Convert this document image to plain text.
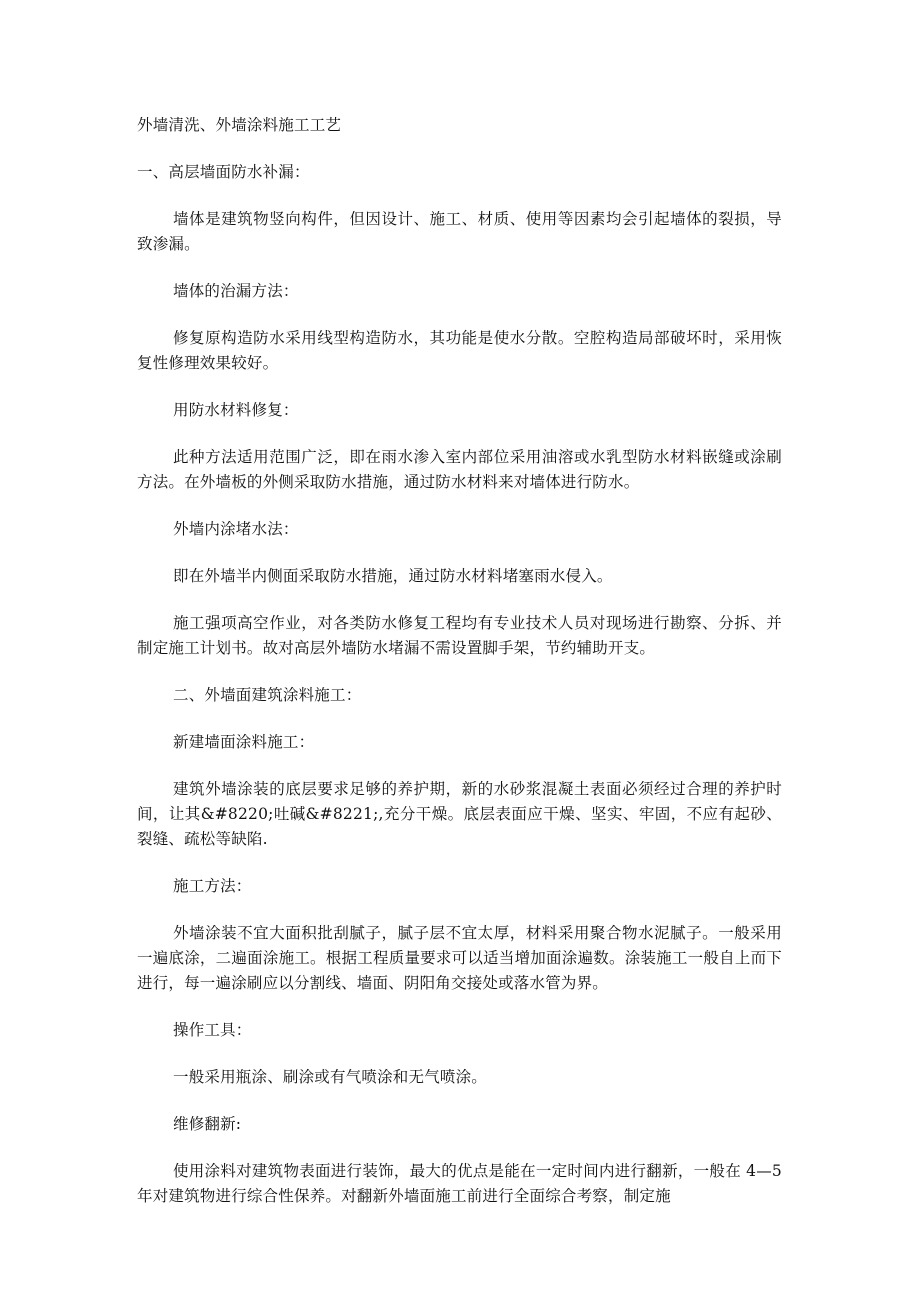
外墙清洗、外墙涂料施工工艺

一、高层墙面防水补漏：

墙体是建筑物竖向构件，但因设计、施工、材质、使用等因素均会引起墙体的裂损，导致渗漏。

墙体的治漏方法：

修复原构造防水采用线型构造防水，其功能是使水分散。空腔构造局部破坏时，采用恢复性修理效果较好。

用防水材料修复：

此种方法适用范围广泛，即在雨水渗入室内部位采用油溶或水乳型防水材料嵌缝或涂刷方法。在外墙板的外侧采取防水措施，通过防水材料来对墙体进行防水。

外墙内涂堵水法：

即在外墙半内侧面采取防水措施，通过防水材料堵塞雨水侵入。

施工强项高空作业，对各类防水修复工程均有专业技术人员对现场进行勘察、分拆、并制定施工计划书。故对高层外墙防水堵漏不需设置脚手架，节约辅助开支。

二、外墙面建筑涂料施工：

新建墙面涂料施工：

建筑外墙涂装的底层要求足够的养护期，新的水砂浆混凝土表面必须经过合理的养护时间，让其&#8220;吐碱&#8221;,充分干燥。底层表面应干燥、坚实、牢固，不应有起砂、裂缝、疏松等缺陷.

施工方法：

外墙涂装不宜大面积批刮腻子，腻子层不宜太厚，材料采用聚合物水泥腻子。一般采用一遍底涂，二遍面涂施工。根据工程质量要求可以适当增加面涂遍数。涂装施工一般自上而下进行，每一遍涂刷应以分割线、墙面、阴阳角交接处或落水管为界。

操作工具：

一般采用瓶涂、刷涂或有气喷涂和无气喷涂。

维修翻新:

使用涂料对建筑物表面进行装饰，最大的优点是能在一定时间内进行翻新，一般在 4—5 年对建筑物进行综合性保养。对翻新外墙面施工前进行全面综合考察，制定施
